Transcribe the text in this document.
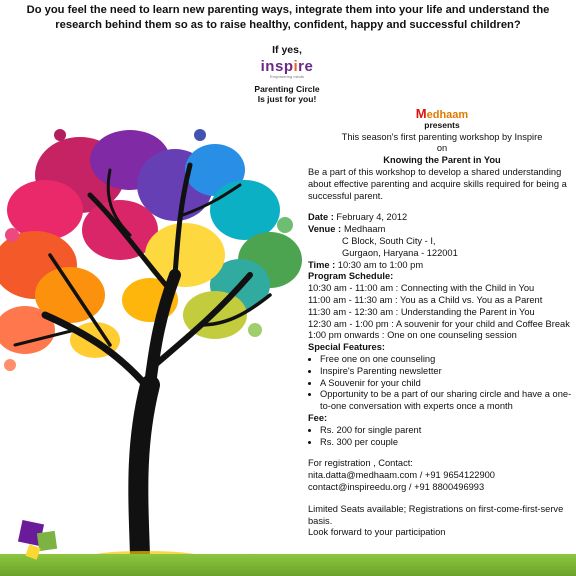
Do you feel the need to learn new parenting ways, integrate them into your life and understand the research behind them so as to raise healthy, confident, happy and successful children?
If yes,
inspire
Empowering minds
Parenting Circle
Is just for you!
Medhaam
presents
This season's first parenting workshop by Inspire
on
Knowing the Parent in You
Be a part of this workshop to develop a shared understanding about effective parenting and acquire skills required for being a successful parent.
Date : February 4, 2012
Venue : Medhaam
C Block, South City - I,
Gurgaon, Haryana - 122001
Time : 10:30 am to 1:00 pm
Program Schedule:
10:30 am - 11:00 am : Connecting with the Child in You
11:00 am - 11:30 am : You as a Child vs. You as a Parent
11:30 am - 12:30 am : Understanding the Parent in You
12:30 am - 1:00 pm : A souvenir for your child and Coffee Break
1:00 pm onwards : One on one counseling session
Special Features:
• Free one on one counseling
• Inspire's Parenting newsletter
• A Souvenir for your child
• Opportunity to be a part of our sharing circle and have a one-to-one conversation with experts once a month
Fee:
• Rs. 200 for single parent
• Rs. 300 per couple
For registration , Contact:
nita.datta@medhaam.com / +91 9654122900
contact@inspireedu.org / +91 8800496993
Limited Seats available; Registrations on first-come-first-serve basis.
Look forward to your participation
